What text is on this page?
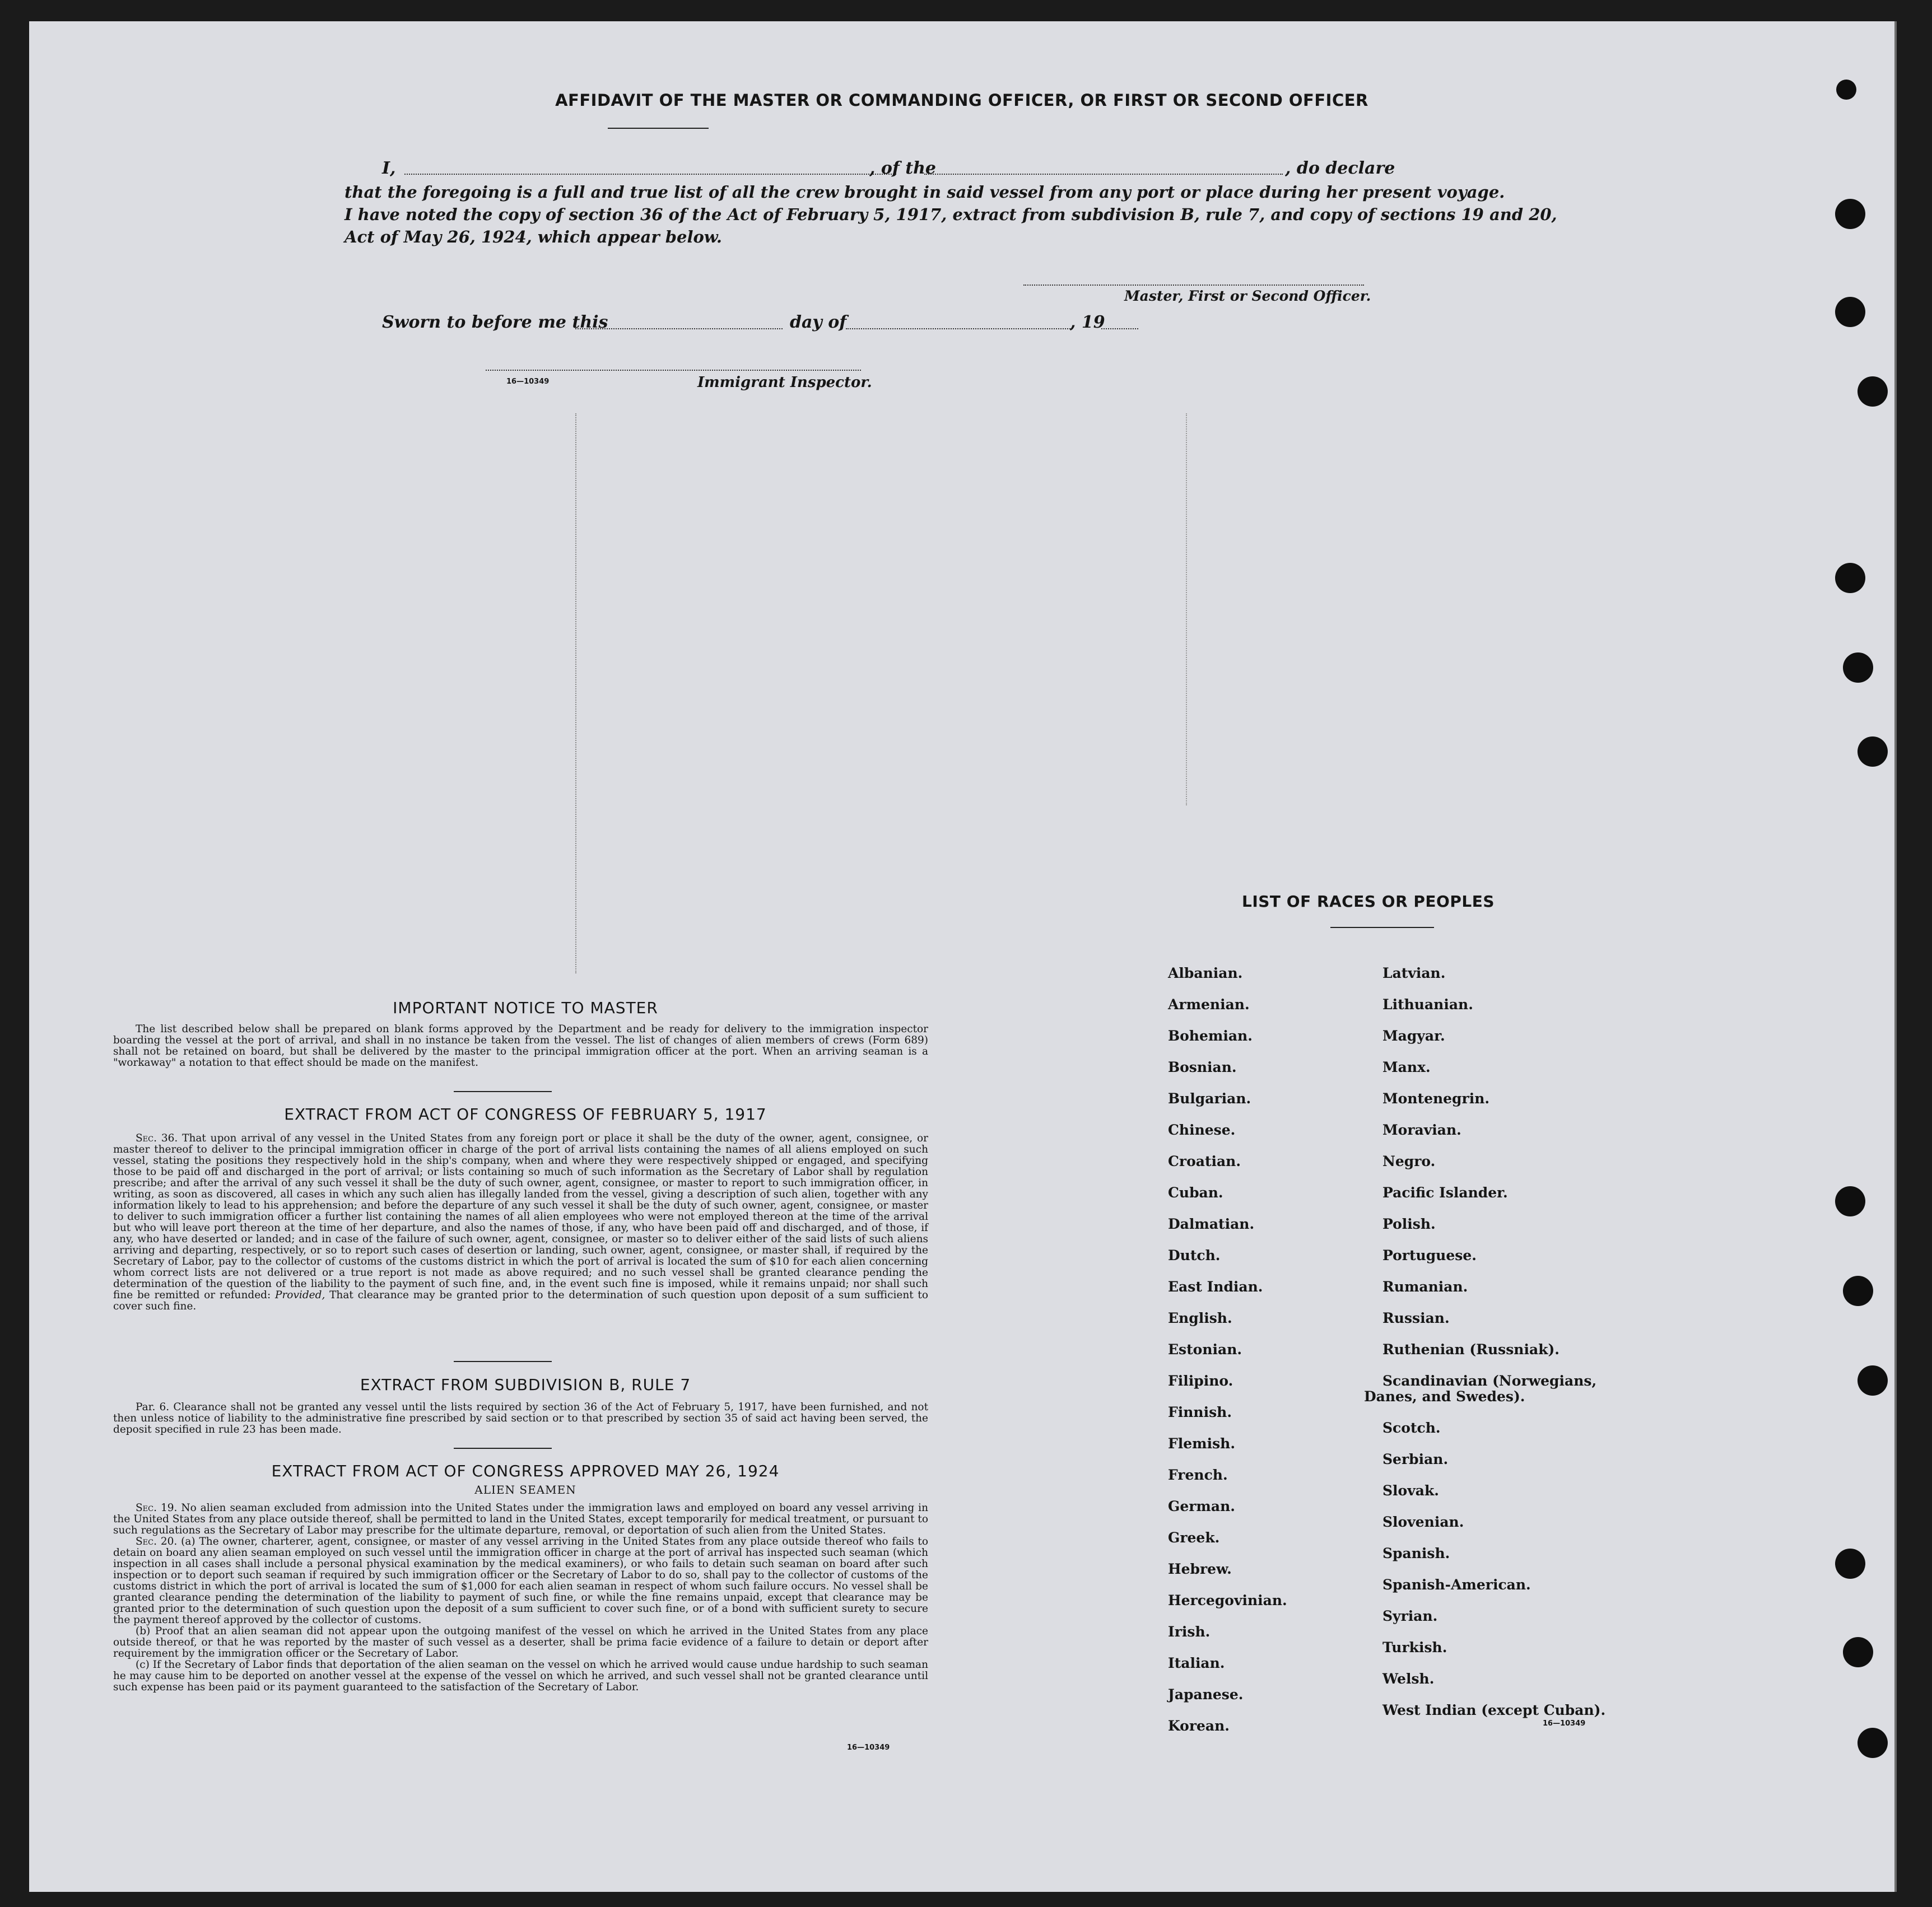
AFFIDAVIT OF THE MASTER OR COMMANDING OFFICER, OR FIRST OR SECOND OFFICER
I,	, of the	, do declare
that the foregoing is a full and true list of all the crew brought in said vessel from any port or place during her present voyage.
I have noted the copy of section 36 of the Act of February 5, 1917, extract from subdivision B, rule 7, and copy of sections 19 and 20,
Act of May 26, 1924, which appear below.
Master, First or Second Officer.
Sworn to before me this	day of	, 19
16—10349	Immigrant Inspector.
IMPORTANT NOTICE TO MASTER

The list described below shall be prepared on blank forms approved by the Department and be ready for delivery to the immigration inspector boarding the vessel at the port of arrival, and shall in no instance be taken from the vessel. The list of changes of alien members of crews (Form 689) shall not be retained on board, but shall be delivered by the master to the principal immigration officer at the port. When an arriving seaman is a "workaway" a notation to that effect should be made on the manifest.

EXTRACT FROM ACT OF CONGRESS OF FEBRUARY 5, 1917

Sec. 36. That upon arrival of any vessel in the United States from any foreign port or place it shall be the duty of the owner, agent, consignee, or master thereof to deliver to the principal immigration officer in charge of the port of arrival lists containing the names of all aliens employed on such vessel, stating the positions they respectively hold in the ship's company, when and where they were respectively shipped or engaged, and specifying those to be paid off and discharged in the port of arrival; or lists containing so much of such information as the Secretary of Labor shall by regulation prescribe; and after the arrival of any such vessel it shall be the duty of such owner, agent, consignee, or master to report to such immigration officer, in writing, as soon as discovered, all cases in which any such alien has illegally landed from the vessel, giving a description of such alien, together with any information likely to lead to his apprehension; and before the departure of any such vessel it shall be the duty of such owner, agent, consignee, or master to deliver to such immigration officer a further list containing the names of all alien employees who were not employed thereon at the time of the arrival but who will leave port thereon at the time of her departure, and also the names of those, if any, who have been paid off and discharged, and of those, if any, who have deserted or landed; and in case of the failure of such owner, agent, consignee, or master so to deliver either of the said lists of such aliens arriving and departing, respectively, or so to report such cases of desertion or landing, such owner, agent, consignee, or master shall, if required by the Secretary of Labor, pay to the collector of customs of the customs district in which the port of arrival is located the sum of $10 for each alien concerning whom correct lists are not delivered or a true report is not made as above required; and no such vessel shall be granted clearance pending the determination of the question of the liability to the payment of such fine, and, in the event such fine is imposed, while it remains unpaid; nor shall such fine be remitted or refunded: Provided, That clearance may be granted prior to the determination of such question upon deposit of a sum sufficient to cover such fine.

EXTRACT FROM SUBDIVISION B, RULE 7

Par. 6. Clearance shall not be granted any vessel until the lists required by section 36 of the Act of February 5, 1917, have been furnished, and not then unless notice of liability to the administrative fine prescribed by said section or to that prescribed by section 35 of said act having been served, the deposit specified in rule 23 has been made.

EXTRACT FROM ACT OF CONGRESS APPROVED MAY 26, 1924
ALIEN SEAMEN

Sec. 19. No alien seaman excluded from admission into the United States under the immigration laws and employed on board any vessel arriving in the United States from any place outside thereof, shall be permitted to land in the United States, except temporarily for medical treatment, or pursuant to such regulations as the Secretary of Labor may prescribe for the ultimate departure, removal, or deportation of such alien from the United States.

Sec. 20. (a) The owner, charterer, agent, consignee, or master of any vessel arriving in the United States from any place outside thereof who fails to detain on board any alien seaman employed on such vessel until the immigration officer in charge at the port of arrival has inspected such seaman (which inspection in all cases shall include a personal physical examination by the medical examiners), or who fails to detain such seaman on board after such inspection or to deport such seaman if required by such immigration officer or the Secretary of Labor to do so, shall pay to the collector of customs of the customs district in which the port of arrival is located the sum of $1,000 for each alien seaman in respect of whom such failure occurs. No vessel shall be granted clearance pending the determination of the liability to payment of such fine, or while the fine remains unpaid, except that clearance may be granted prior to the determination of such question upon the deposit of a sum sufficient to cover such fine, or of a bond with sufficient surety to secure the payment thereof approved by the collector of customs.

(b) Proof that an alien seaman did not appear upon the outgoing manifest of the vessel on which he arrived in the United States from any place outside thereof, or that he was reported by the master of such vessel as a deserter, shall be prima facie evidence of a failure to detain or deport after requirement by the immigration officer or the Secretary of Labor.

(c) If the Secretary of Labor finds that deportation of the alien seaman on the vessel on which he arrived would cause undue hardship to such seaman he may cause him to be deported on another vessel at the expense of the vessel on which he arrived, and such vessel shall not be granted clearance until such expense has been paid or its payment guaranteed to the satisfaction of the Secretary of Labor.

16—10349
LIST OF RACES OR PEOPLES
16—10349
Albanian.
Armenian.
Bohemian.
Bosnian.
Bulgarian.
Chinese.
Croatian.
Cuban.
Dalmatian.
Dutch.
East Indian.
English.
Estonian.
Filipino.
Finnish.
Flemish.
French.
German.
Greek.
Hebrew.
Hercegovinian.
Irish.
Italian.
Japanese.
Korean.
Latvian.
Lithuanian.
Magyar.
Manx.
Montenegrin.
Moravian.
Negro.
Pacific Islander.
Polish.
Portuguese.
Rumanian.
Russian.
Ruthenian (Russniak).
Scandinavian (Norwegians,
Danes, and Swedes).
Scotch.
Serbian.
Slovak.
Slovenian.
Spanish.
Spanish-American.
Syrian.
Turkish.
Welsh.
West Indian (except Cuban).
